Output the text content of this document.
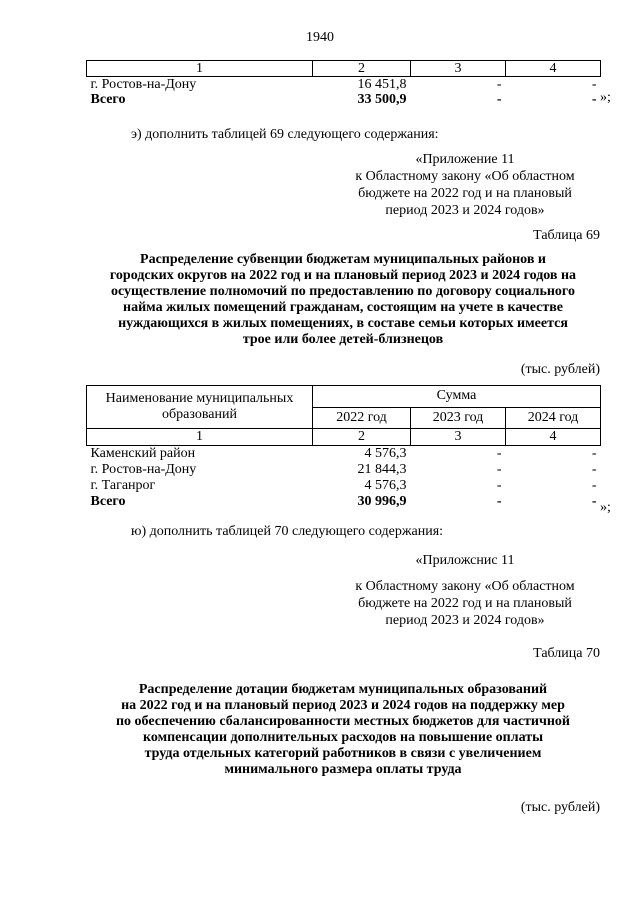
1940
1	2	3	4
г. Ростов-на-Дону	16 451,8	-	-
Всего	33 500,9	-	- »;
э) дополнить таблицей 69 следующего содержания:
«Приложение 11
к Областному закону «Об областном
бюджете на 2022 год и на плановый
период 2023 и 2024 годов»
Таблица 69
Распределение субвенции бюджетам муниципальных районов и
городских округов на 2022 год и на плановый период 2023 и 2024 годов на
осуществление полномочий по предоставлению по договору социального
найма жилых помещений гражданам, состоящим на учете в качестве
нуждающихся в жилых помещениях, в составе семьи которых имеется
трое или более детей-близнецов
(тыс. рублей)
Наименование муниципальных образований	Сумма		
	2022 год	2023 год	2024 год
1	2	3	4
Каменский район	4 576,3	-	-
г. Ростов-на-Дону	21 844,3	-	-
г. Таганрог	4 576,3	-	-
Всего	30 996,9	-	- »;
ю) дополнить таблицей 70 следующего содержания:
«Приложснис 11
к Областному закону «Об областном
бюджете на 2022 год и на плановый
период 2023 и 2024 годов»
Таблица 70
Распределение дотации бюджетам муниципальных образований
на 2022 год и на плановый период 2023 и 2024 годов на поддержку мер
по обеспечению сбалансированности местных бюджетов для частичной
компенсации дополнительных расходов на повышение оплаты
труда отдельных категорий работников в связи с увеличением
минимального размера оплаты труда
(тыс. рублей)
